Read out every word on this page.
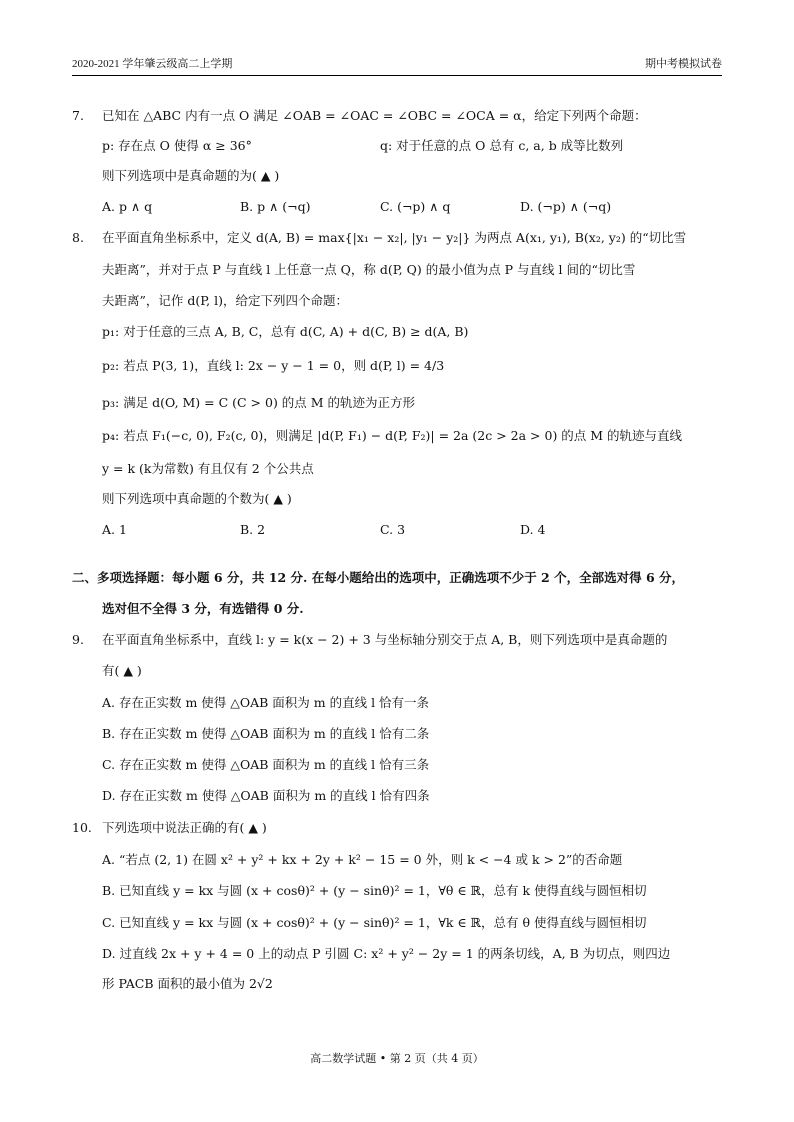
2020-2021 学年肇云级高二上学期	期中考模拟试卷
7. 已知在 △ABC 内有一点 O 满足 ∠OAB = ∠OAC = ∠OBC = ∠OCA = α，给定下列两个命题：
p: 存在点 O 使得 α ≥ 36°	q: 对于任意的点 O 总有 c, a, b 成等比数列
则下列选项中是真命题的为( ▲ )
A. p ∧ q	B. p ∧ (¬q)	C. (¬p) ∧ q	D. (¬p) ∧ (¬q)
8. 在平面直角坐标系中，定义 d(A, B) = max{|x₁ − x₂|, |y₁ − y₂|} 为两点 A(x₁, y₁), B(x₂, y₂) 的“切比雪
夫距离”，并对于点 P 与直线 l 上任意一点 Q，称 d(P, Q) 的最小值为点 P 与直线 l 间的“切比雪
夫距离”，记作 d(P, l)，给定下列四个命题：
p₁: 对于任意的三点 A, B, C，总有 d(C, A) + d(C, B) ≥ d(A, B)
p₂: 若点 P(3, 1)，直线 l: 2x − y − 1 = 0，则 d(P, l) = 4/3
p₃: 满足 d(O, M) = C (C > 0) 的点 M 的轨迹为正方形
p₄: 若点 F₁(−c, 0), F₂(c, 0)，则满足 |d(P, F₁) − d(P, F₂)| = 2a (2c > 2a > 0) 的点 M 的轨迹与直线
y = k (k为常数) 有且仅有 2 个公共点
则下列选项中真命题的个数为( ▲ )
A. 1	B. 2	C. 3	D. 4
二、多项选择题：每小题 6 分，共 12 分. 在每小题给出的选项中，正确选项不少于 2 个，全部选对得 6 分，
选对但不全得 3 分，有选错得 0 分.
9. 在平面直角坐标系中，直线 l: y = k(x − 2) + 3 与坐标轴分别交于点 A, B，则下列选项中是真命题的
有( ▲ )
A. 存在正实数 m 使得 △OAB 面积为 m 的直线 l 恰有一条
B. 存在正实数 m 使得 △OAB 面积为 m 的直线 l 恰有二条
C. 存在正实数 m 使得 △OAB 面积为 m 的直线 l 恰有三条
D. 存在正实数 m 使得 △OAB 面积为 m 的直线 l 恰有四条
10. 下列选项中说法正确的有( ▲ )
A. “若点 (2, 1) 在圆 x² + y² + kx + 2y + k² − 15 = 0 外，则 k < −4 或 k > 2”的否命题
B. 已知直线 y = kx 与圆 (x + cosθ)² + (y − sinθ)² = 1，∀θ ∈ ℝ，总有 k 使得直线与圆恒相切
C. 已知直线 y = kx 与圆 (x + cosθ)² + (y − sinθ)² = 1，∀k ∈ ℝ，总有 θ 使得直线与圆恒相切
D. 过直线 2x + y + 4 = 0 上的动点 P 引圆 C: x² + y² − 2y = 1 的两条切线，A, B 为切点，则四边
形 PACB 面积的最小值为 2√2
高二数学试题 • 第 2 页（共 4 页）
